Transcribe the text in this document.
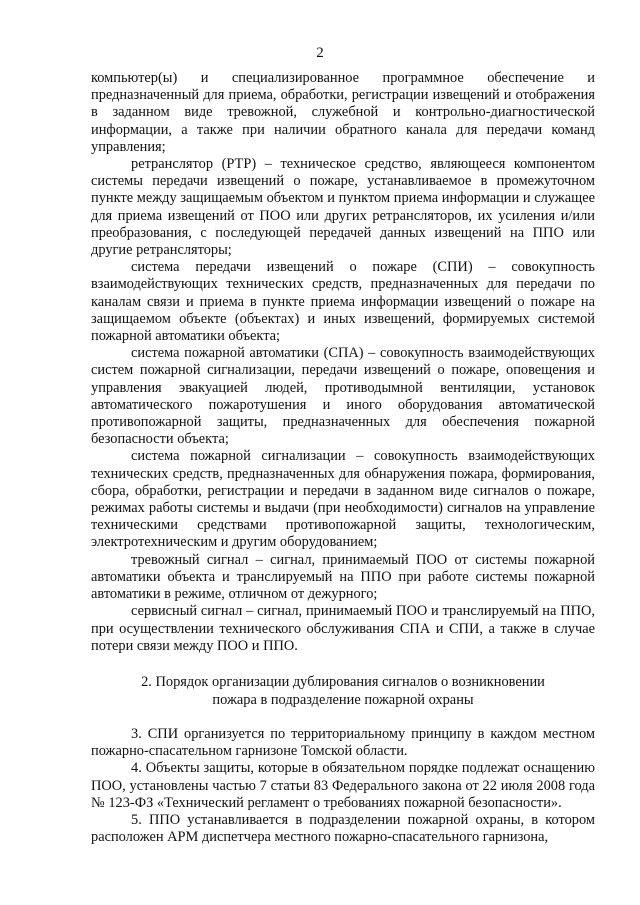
2

компьютер(ы) и специализированное программное обеспечение и предназначенный для приема, обработки, регистрации извещений и отображения в заданном виде тревожной, служебной и контрольно-диагностической информации, а также при наличии обратного канала для передачи команд управления;

ретранслятор (РТР) – техническое средство, являющееся компонентом системы передачи извещений о пожаре, устанавливаемое в промежуточном пункте между защищаемым объектом и пунктом приема информации и служащее для приема извещений от ПОО или других ретрансляторов, их усиления и/или преобразования, с последующей передачей данных извещений на ППО или другие ретрансляторы;

система передачи извещений о пожаре (СПИ) – совокупность взаимодействующих технических средств, предназначенных для передачи по каналам связи и приема в пункте приема информации извещений о пожаре на защищаемом объекте (объектах) и иных извещений, формируемых системой пожарной автоматики объекта;

система пожарной автоматики (СПА) – совокупность взаимодействующих систем пожарной сигнализации, передачи извещений о пожаре, оповещения и управления эвакуацией людей, противодымной вентиляции, установок автоматического пожаротушения и иного оборудования автоматической противопожарной защиты, предназначенных для обеспечения пожарной безопасности объекта;

система пожарной сигнализации – совокупность взаимодействующих технических средств, предназначенных для обнаружения пожара, формирования, сбора, обработки, регистрации и передачи в заданном виде сигналов о пожаре, режимах работы системы и выдачи (при необходимости) сигналов на управление техническими средствами противопожарной защиты, технологическим, электротехническим и другим оборудованием;

тревожный сигнал – сигнал, принимаемый ПОО от системы пожарной автоматики объекта и транслируемый на ППО при работе системы пожарной автоматики в режиме, отличном от дежурного;

сервисный сигнал – сигнал, принимаемый ПОО и транслируемый на ППО, при осуществлении технического обслуживания СПА и СПИ, а также в случае потери связи между ПОО и ППО.

2. Порядок организации дублирования сигналов о возникновении
пожара в подразделение пожарной охраны

3. СПИ организуется по территориальному принципу в каждом местном пожарно-спасательном гарнизоне Томской области.

4. Объекты защиты, которые в обязательном порядке подлежат оснащению ПОО, установлены частью 7 статьи 83 Федерального закона от 22 июля 2008 года № 123-ФЗ «Технический регламент о требованиях пожарной безопасности».

5. ППО устанавливается в подразделении пожарной охраны, в котором расположен АРМ диспетчера местного пожарно-спасательного гарнизона,
